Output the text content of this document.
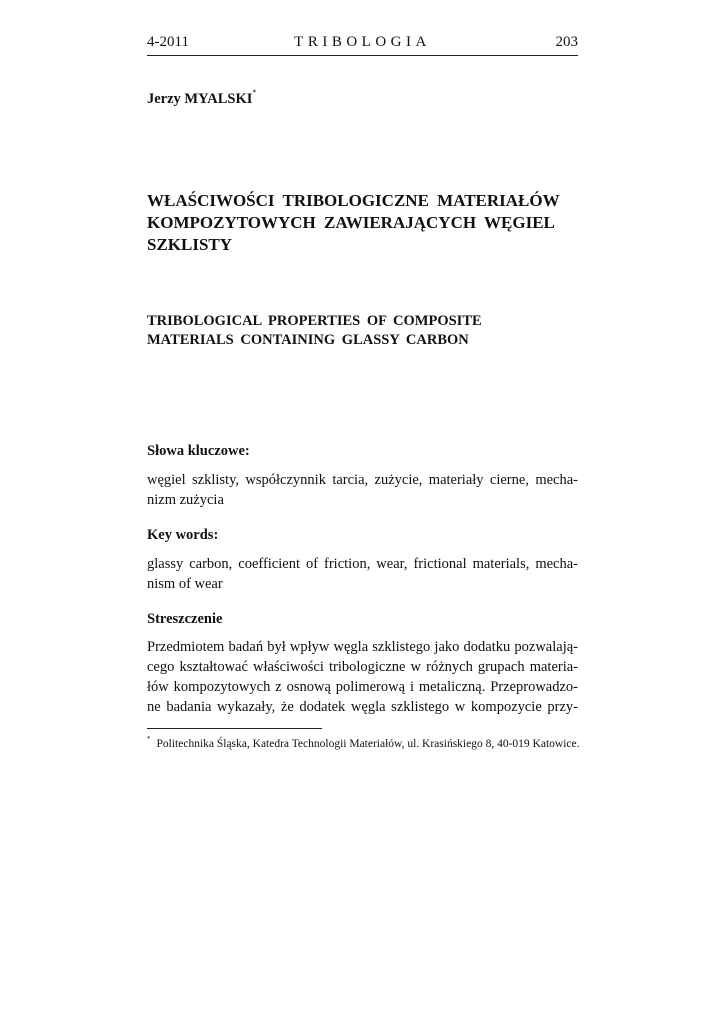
4-2011	TRIBOLOGIA	203
Jerzy MYALSKI*
WŁAŚCIWOŚCI TRIBOLOGICZNE MATERIAŁÓW
KOMPOZYTOWYCH ZAWIERAJĄCYCH WĘGIEL
SZKLISTY
TRIBOLOGICAL PROPERTIES OF COMPOSITE
MATERIALS CONTAINING GLASSY CARBON
Słowa kluczowe:
węgiel szklisty, współczynnik tarcia, zużycie, materiały cierne, mecha-
nizm zużycia
Key words:
glassy carbon, coefficient of friction, wear, frictional materials, mecha-
nism of wear
Streszczenie
Przedmiotem badań był wpływ węgla szklistego jako dodatku pozwalają-
cego kształtować właściwości tribologiczne w różnych grupach materia-
łów kompozytowych z osnową polimerową i metaliczną. Przeprowadzo-
ne badania wykazały, że dodatek węgla szklistego w kompozycie przy-
* Politechnika Śląska, Katedra Technologii Materiałów, ul. Krasińskiego 8, 40-019 Katowice.
